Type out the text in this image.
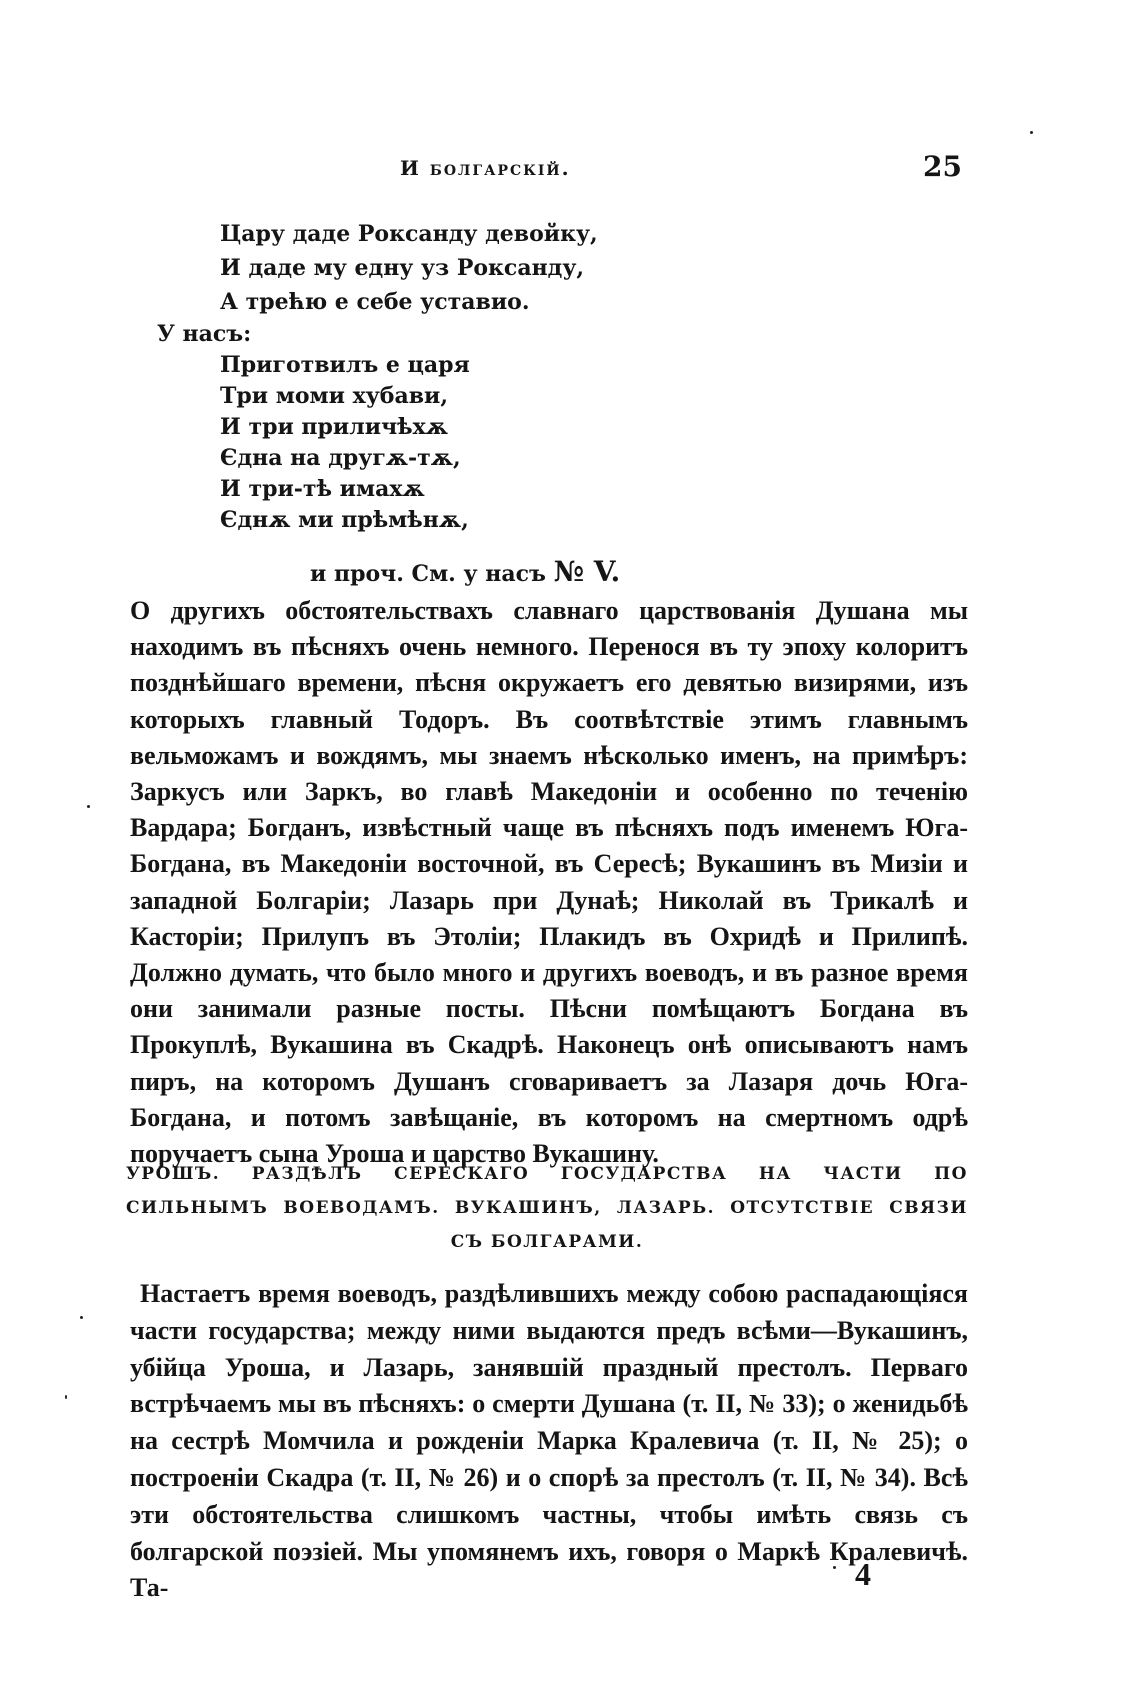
И болгарскій.	25
Цару даде Роксанду девойку,
И даде му едну уз Роксанду,
А трећю е себе уставио.
У насъ:
Приготвилъ е царя
Три моми хубави,
И три приличѣхѫ
Єдна на другѫ-тѫ,
И три-тѣ имахѫ
Єднѫ ми прѣмѣнѫ,
и проч. См. у насъ № V.
О другихъ обстоятельствахъ славнаго царствованія Душана мы находимъ въ пѣсняхъ очень немного. Перенося въ ту эпоху колоритъ позднѣйшаго времени, пѣсня окружаетъ его девятью визирями, изъ которыхъ главный Тодоръ. Въ соотвѣтствіе этимъ главнымъ вельможамъ и вождямъ, мы знаемъ нѣсколько именъ, на примѣръ: Заркусъ или Заркъ, во главѣ Македоніи и особенно по теченію Вардара; Богданъ, извѣстный чаще въ пѣсняхъ подъ именемъ Юга-Богдана, въ Македоніи восточной, въ Сересѣ; Вукашинъ въ Мизіи и западной Болгаріи; Лазарь при Дунаѣ; Николай въ Трикалѣ и Касторіи; Прилупъ въ Этоліи; Плакидъ въ Охридѣ и Прилипѣ. Должно думать, что было много и другихъ воеводъ, и въ разное время они занимали разные посты. Пѣсни помѣщаютъ Богдана въ Прокуплѣ, Вукашина въ Скадрѣ. Наконецъ онѣ описываютъ намъ пиръ, на которомъ Душанъ сговариваетъ за Лазаря дочь Юга-Богдана, и потомъ завѣщаніе, въ которомъ на смертномъ одрѣ поручаетъ сына Уроша и царство Вукашину.
УРОШЪ. РАЗДѢЛЪ СЕРЕСКАГО ГОСУДАРСТВА НА ЧАСТИ ПО СИЛЬНЫМЪ ВОЕВОДАМЪ. ВУКАШИНЪ, ЛАЗАРЬ. ОТСУТСТВІЕ СВЯЗИ СЪ БОЛГАРАМИ.
Настаетъ время воеводъ, раздѣлившихъ между собою распадающіяся части государства; между ними выдаются предъ всѣми—Вукашинъ, убійца Уроша, и Лазарь, занявшій праздный престолъ. Перваго встрѣчаемъ мы въ пѣсняхъ: о смерти Душана (т. II, № 33); о женидьбѣ на сестрѣ Момчила и рожденіи Марка Кралевича (т. II, № 25); о построеніи Скадра (т. II, № 26) и о спорѣ за престолъ (т. II, № 34). Всѣ эти обстоятельства слишкомъ частны, чтобы имѣть связь съ болгарской поэзіей. Мы упомянемъ ихъ, говоря о Маркѣ Кралевичѣ. Та-	4
